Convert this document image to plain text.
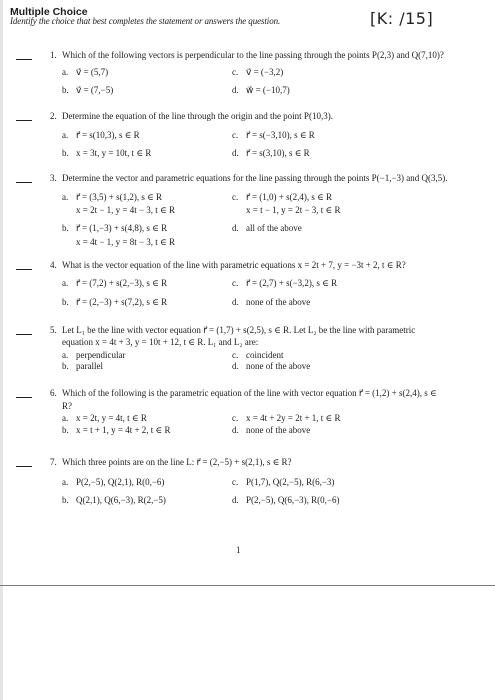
Multiple Choice
Identify the choice that best completes the statement or answers the question.	[K: /15]
1. Which of the following vectors is perpendicular to the line passing through the points P(2,3) and Q(7,10)?
a. v⃗ = (5,7)
b. v⃗ = (7,−5)
c. v⃗ = (−3,2)
d. w⃗ = (−10,7)
2. Determine the equation of the line through the origin and the point P(10,3).
a. r⃗ = s(10,3), s ∈ R
b. x = 3t, y = 10t, t ∈ R
c. r⃗ = s(−3,10), s ∈ R
d. r⃗ = s(3,10), s ∈ R
3. Determine the vector and parametric equations for the line passing through the points P(−1,−3) and Q(3,5).
a. r⃗ = (3,5) + s(1,2), s ∈ R
x = 2t − 1, y = 4t − 3, t ∈ R
b. r⃗ = (1,−3) + s(4,8), s ∈ R
x = 4t − 1, y = 8t − 3, t ∈ R
c. r⃗ = (1,0) + s(2,4), s ∈ R
x = t − 1, y = 2t − 3, t ∈ R
d. all of the above
4. What is the vector equation of the line with parametric equations x = 2t + 7, y = −3t + 2, t ∈ R?
a. r⃗ = (7,2) + s(2,−3), s ∈ R
b. r⃗ = (2,−3) + s(7,2), s ∈ R
c. r⃗ = (2,7) + s(−3,2), s ∈ R
d. none of the above
5. Let L₁ be the line with vector equation r⃗ = (1,7) + s(2,5), s ∈ R. Let L₂ be the line with parametric
equation x = 4t + 3, y = 10t + 12, t ∈ R. L₁ and L₂ are:
a. perpendicular
b. parallel
c. coincident
d. none of the above
6. Which of the following is the parametric equation of the line with vector equation r⃗ = (1,2) + s(2,4), s ∈
R?
a. x = 2t, y = 4t, t ∈ R
b. x = t + 1, y = 4t + 2, t ∈ R
c. x = 4t + 2y = 2t + 1, t ∈ R
d. none of the above
7. Which three points are on the line L: r⃗ = (2,−5) + s(2,1), s ∈ R?
a. P(2,−5), Q(2,1), R(0,−6)
b. Q(2,1), Q(6,−3), R(2,−5)
c. P(1,7), Q(2,−5), R(6,−3)
d. P(2,−5), Q(6,−3), R(0,−6)
1
